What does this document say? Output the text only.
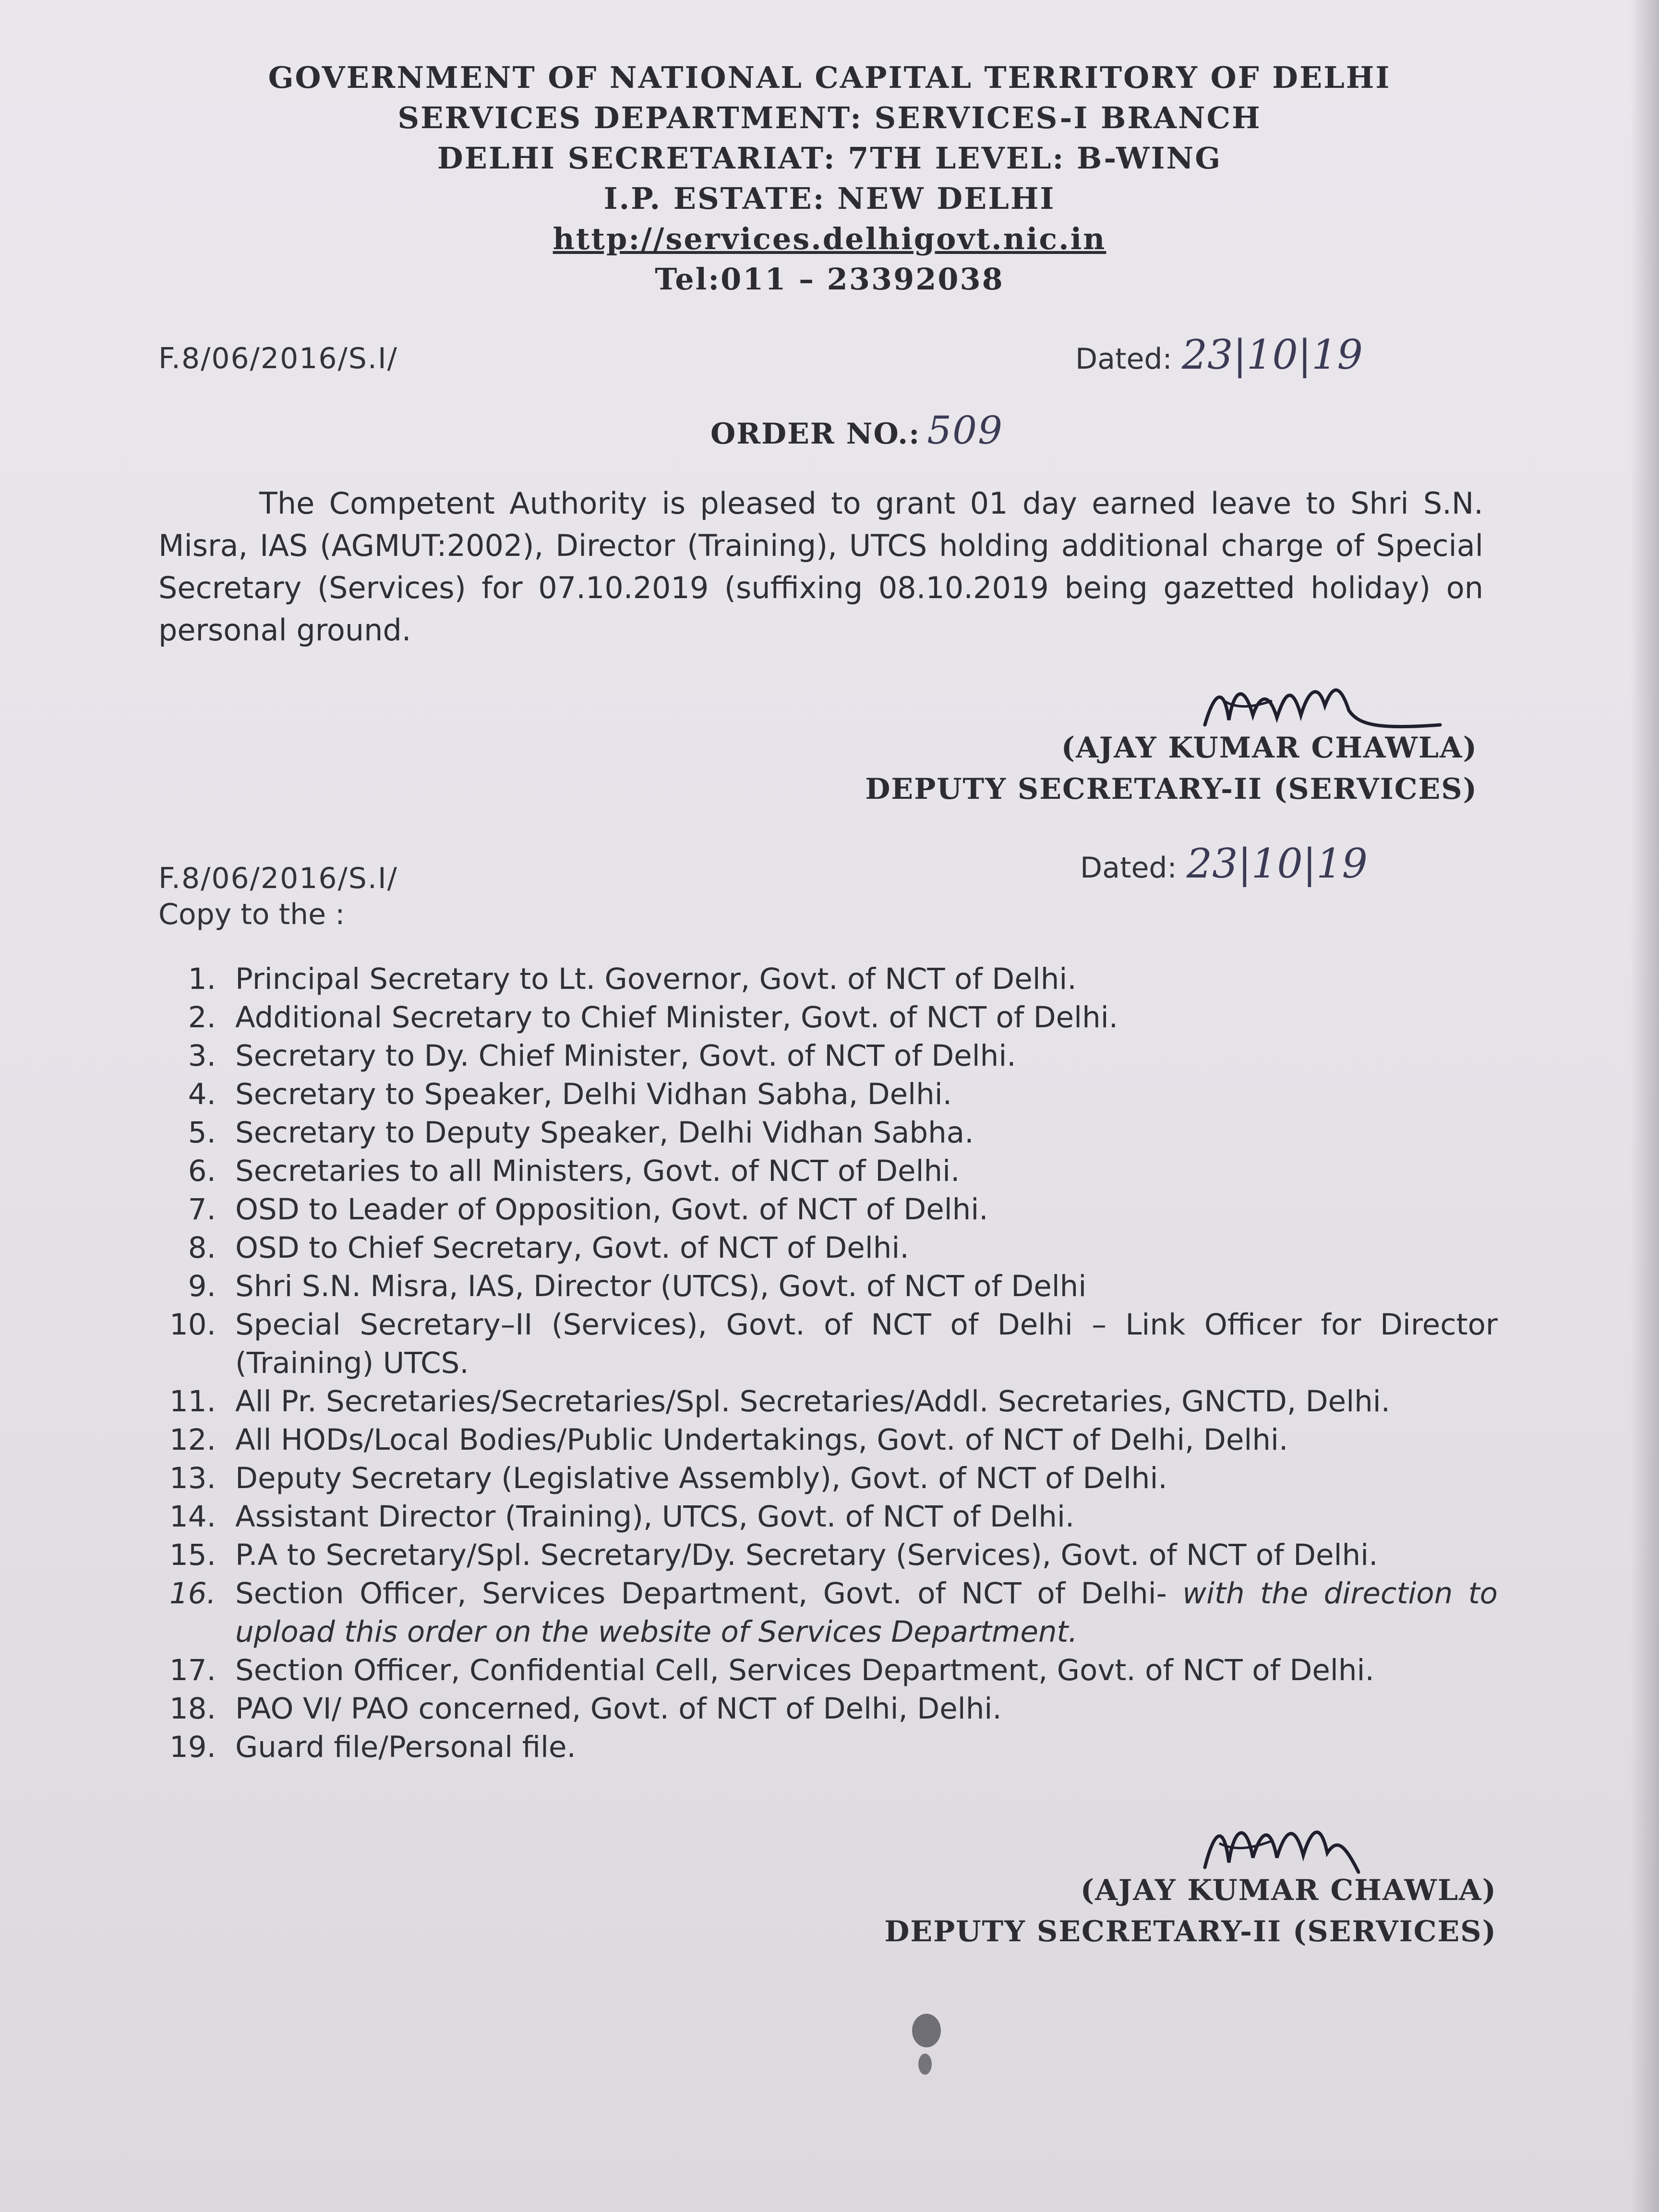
GOVERNMENT OF NATIONAL CAPITAL TERRITORY OF DELHI
SERVICES DEPARTMENT: SERVICES-I BRANCH
DELHI SECRETARIAT: 7TH LEVEL: B-WING
I.P. ESTATE: NEW DELHI
http://services.delhigovt.nic.in
Tel:011 – 23392038
F.8/06/2016/S.I/	Dated: 23|10|19
ORDER NO.: 509
The Competent Authority is pleased to grant 01 day earned leave to Shri S.N. Misra, IAS (AGMUT:2002), Director (Training), UTCS holding additional charge of Special Secretary (Services) for 07.10.2019 (suffixing 08.10.2019 being gazetted holiday) on personal ground.
(AJAY KUMAR CHAWLA)
DEPUTY SECRETARY-II (SERVICES)
F.8/06/2016/S.I/	Dated: 23|10|19
Copy to the :
1. Principal Secretary to Lt. Governor, Govt. of NCT of Delhi.
2. Additional Secretary to Chief Minister, Govt. of NCT of Delhi.
3. Secretary to Dy. Chief Minister, Govt. of NCT of Delhi.
4. Secretary to Speaker, Delhi Vidhan Sabha, Delhi.
5. Secretary to Deputy Speaker, Delhi Vidhan Sabha.
6. Secretaries to all Ministers, Govt. of NCT of Delhi.
7. OSD to Leader of Opposition, Govt. of NCT of Delhi.
8. OSD to Chief Secretary, Govt. of NCT of Delhi.
9. Shri S.N. Misra, IAS, Director (UTCS), Govt. of NCT of Delhi
10. Special Secretary–II (Services), Govt. of NCT of Delhi – Link Officer for Director (Training) UTCS.
11. All Pr. Secretaries/Secretaries/Spl. Secretaries/Addl. Secretaries, GNCTD, Delhi.
12. All HODs/Local Bodies/Public Undertakings, Govt. of NCT of Delhi, Delhi.
13. Deputy Secretary (Legislative Assembly), Govt. of NCT of Delhi.
14. Assistant Director (Training), UTCS, Govt. of NCT of Delhi.
15. P.A to Secretary/Spl. Secretary/Dy. Secretary (Services), Govt. of NCT of Delhi.
16. Section Officer, Services Department, Govt. of NCT of Delhi- with the direction to upload this order on the website of Services Department.
17. Section Officer, Confidential Cell, Services Department, Govt. of NCT of Delhi.
18. PAO VI/ PAO concerned, Govt. of NCT of Delhi, Delhi.
19. Guard file/Personal file.
(AJAY KUMAR CHAWLA)
DEPUTY SECRETARY-II (SERVICES)
